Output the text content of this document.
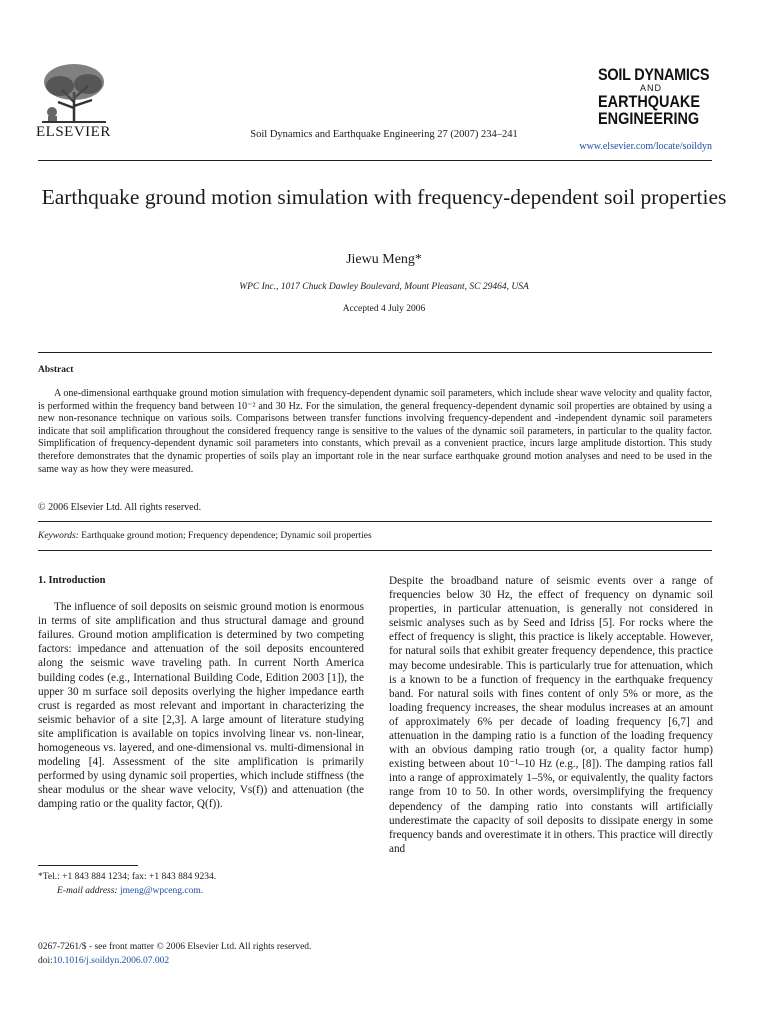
ELSEVIER	Soil Dynamics and Earthquake Engineering 27 (2007) 234–241
SOIL DYNAMICS
AND
EARTHQUAKE
ENGINEERING
www.elsevier.com/locate/soildyn
Earthquake ground motion simulation with frequency-dependent soil properties
Jiewu Meng*
WPC Inc., 1017 Chuck Dawley Boulevard, Mount Pleasant, SC 29464, USA
Accepted 4 July 2006
Abstract
A one-dimensional earthquake ground motion simulation with frequency-dependent dynamic soil parameters, which include shear wave velocity and quality factor, is performed within the frequency band between 10⁻² and 30 Hz. For the simulation, the general frequency-dependent dynamic soil properties are obtained by using a new non-resonance technique on various soils. Comparisons between transfer functions involving frequency-dependent and -independent dynamic soil parameters indicate that soil amplification throughout the considered frequency range is sensitive to the values of the dynamic soil parameters, in particular to the quality factor. Simplification of frequency-dependent dynamic soil parameters into constants, which prevail as a convenient practice, incurs large amplitude distortion. This study therefore demonstrates that the dynamic properties of soils play an important role in the near surface earthquake ground motion analyses and need to be used in the same way as how they were measured.
© 2006 Elsevier Ltd. All rights reserved.
Keywords: Earthquake ground motion; Frequency dependence; Dynamic soil properties
1. Introduction

The influence of soil deposits on seismic ground motion is enormous in terms of site amplification and thus structural damage and ground failures. Ground motion amplification is determined by two competing factors: impedance and attenuation of the soil deposits encountered along the seismic wave traveling path. In current North America building codes (e.g., International Building Code, Edition 2003 [1]), the upper 30 m surface soil deposits overlying the higher impedance earth crust is regarded as most relevant and important in characterizing the seismic behavior of a site [2,3]. A large amount of literature studying site amplification is available on topics involving linear vs. non-linear, homogeneous vs. layered, and one-dimensional vs. multi-dimensional in modeling [4]. Assessment of the site amplification is primarily performed by using dynamic soil properties, which include stiffness (the shear modulus or the shear wave velocity, Vs(f)) and attenuation (the damping ratio or the quality factor, Q(f)).

Despite the broadband nature of seismic events over a range of frequencies below 30 Hz, the effect of frequency on dynamic soil properties, in particular attenuation, is generally not considered in seismic analyses such as by Seed and Idriss [5]. For rocks where the effect of frequency is slight, this practice is likely acceptable. However, for natural soils that exhibit greater frequency dependence, this practice may become undesirable. This is particularly true for attenuation, which is a known to be a function of frequency in the earthquake frequency band. For natural soils with fines content of only 5% or more, as the loading frequency increases, the shear modulus increases at an amount of approximately 6% per decade of loading frequency [6,7] and attenuation in the damping ratio is a function of the loading frequency with an obvious damping ratio trough (or, a quality factor hump) existing between about 10⁻¹–10 Hz (e.g., [8]). The damping ratios fall into a range of approximately 1–5%, or equivalently, the quality factors range from 10 to 50. In other words, oversimplifying the frequency dependency of the damping ratio into constants will artificially underestimate the capacity of soil deposits to dissipate energy in some frequency bands and overestimate it in others. This practice will directly and

*Tel.: +1 843 884 1234; fax: +1 843 884 9234.
E-mail address: jmeng@wpceng.com.
0267-7261/$ - see front matter © 2006 Elsevier Ltd. All rights reserved.
doi:10.1016/j.soildyn.2006.07.002
